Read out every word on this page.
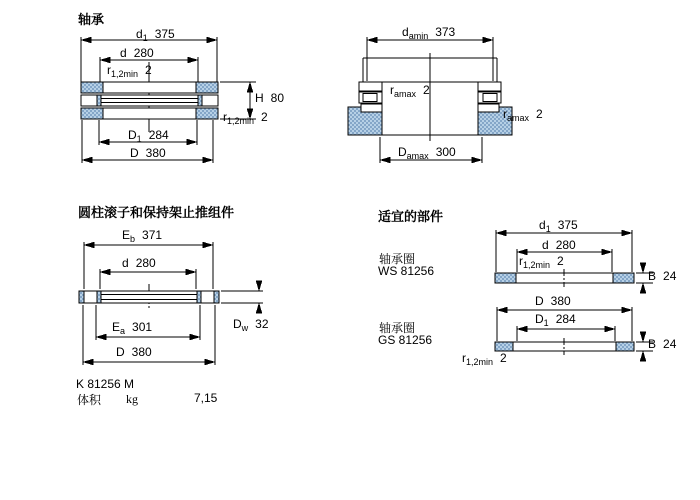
轴承
圆柱滚子和保持架止推组件	适宜的部件
轴承圈
WS 81256
轴承圈
GS 81256
K 81256 M
体积 kg	7,15
$d_1$ 375
d 280
$r_{1,2min}$ 2
H 80
$r_{1,2min}$ 2
$D_1$ 284
D 380
$d_{amin}$ 373
$r_{amax}$ 2
$r_{amax}$ 2
$D_{amax}$ 300
$E_b$ 371
d 280
$E_a$ 301
D 380
$D_w$ 32
$d_1$ 375
d 280
$r_{1,2min}$ 2
B 24
D 380
$D_1$ 284
B 24
$r_{1,2min}$ 2
